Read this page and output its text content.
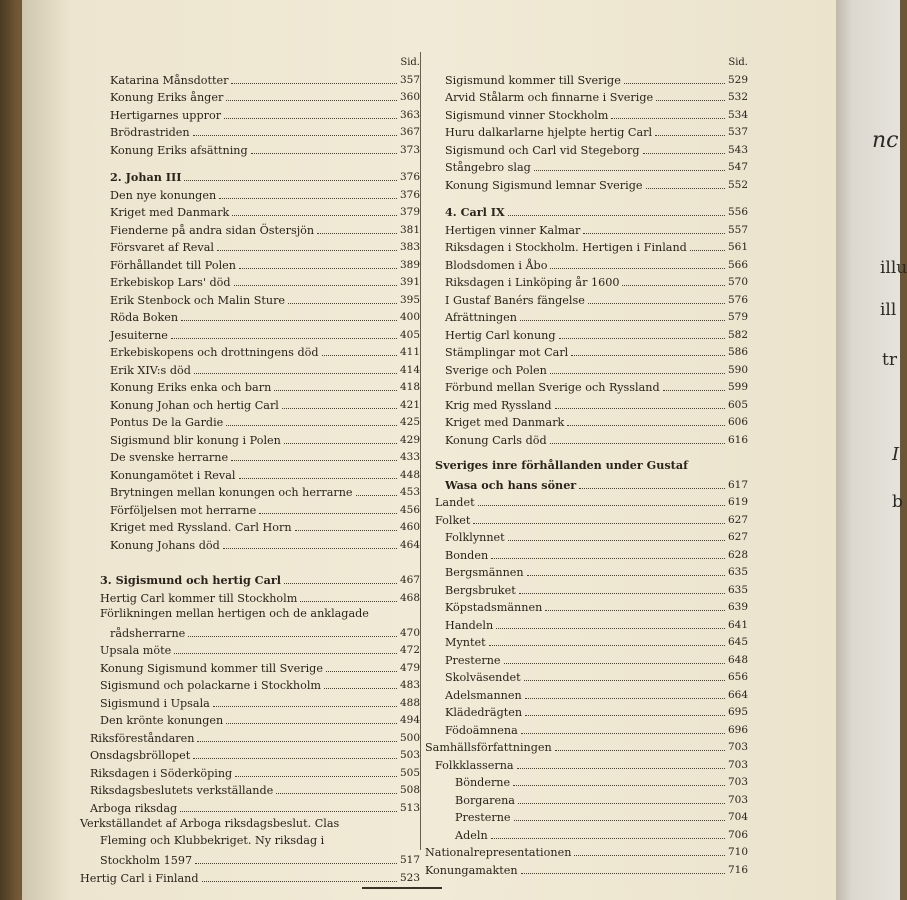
nc
illu
ill
tr
I
b
Sid.
Katarina Månsdotter	357
Konung Eriks ånger	360
Hertigarnes uppror	363
Brödrastriden	367
Konung Eriks afsättning	373
2. Johan III	376
Den nye konungen	376
Kriget med Danmark	379
Fienderne på andra sidan Östersjön	381
Försvaret af Reval	383
Förhållandet till Polen	389
Erkebiskop Lars' död	391
Erik Stenbock och Malin Sture	395
Röda Boken	400
Jesuiterne	405
Erkebiskopens och drottningens död	411
Erik XIV:s död	414
Konung Eriks enka och barn	418
Konung Johan och hertig Carl	421
Pontus De la Gardie	425
Sigismund blir konung i Polen	429
De svenske herrarne	433
Konungamötet i Reval	448
Brytningen mellan konungen och herrarne	453
Förföljelsen mot herrarne	456
Kriget med Ryssland. Carl Horn	460
Konung Johans död	464
3. Sigismund och hertig Carl	467
Hertig Carl kommer till Stockholm	468
Förlikningen mellan hertigen och de anklagade
rådsherrarne	470
Upsala möte	472
Konung Sigismund kommer till Sverige	479
Sigismund och polackarne i Stockholm	483
Sigismund i Upsala	488
Den krönte konungen	494
Riksföreståndaren	500
Onsdagsbröllopet	503
Riksdagen i Söderköping	505
Riksdagsbeslutets verkställande	508
Arboga riksdag	513
Verkställandet af Arboga riksdagsbeslut. Clas
Fleming och Klubbekriget. Ny riksdag i
Stockholm 1597	517
Hertig Carl i Finland	523
Sid.
Sigismund kommer till Sverige	529
Arvid Stålarm och finnarne i Sverige	532
Sigismund vinner Stockholm	534
Huru dalkarlarne hjelpte hertig Carl	537
Sigismund och Carl vid Stegeborg	543
Stångebro slag	547
Konung Sigismund lemnar Sverige	552
4. Carl IX	556
Hertigen vinner Kalmar	557
Riksdagen i Stockholm. Hertigen i Finland	561
Blodsdomen i Åbo	566
Riksdagen i Linköping år 1600	570
I Gustaf Banérs fängelse	576
Afrättningen	579
Hertig Carl konung	582
Stämplingar mot Carl	586
Sverige och Polen	590
Förbund mellan Sverige och Ryssland	599
Krig med Ryssland	605
Kriget med Danmark	606
Konung Carls död	616
Sveriges inre förhållanden under Gustaf
Wasa och hans söner	617
Landet	619
Folket	627
Folklynnet	627
Bonden	628
Bergsmännen	635
Bergsbruket	635
Köpstadsmännen	639
Handeln	641
Myntet	645
Presterne	648
Skolväsendet	656
Adelsmannen	664
Klädedrägten	695
Födoämnena	696
Samhällsförfattningen	703
Folkklasserna	703
Bönderne	703
Borgarena	703
Presterne	704
Adeln	706
Nationalrepresentationen	710
Konungamakten	716
